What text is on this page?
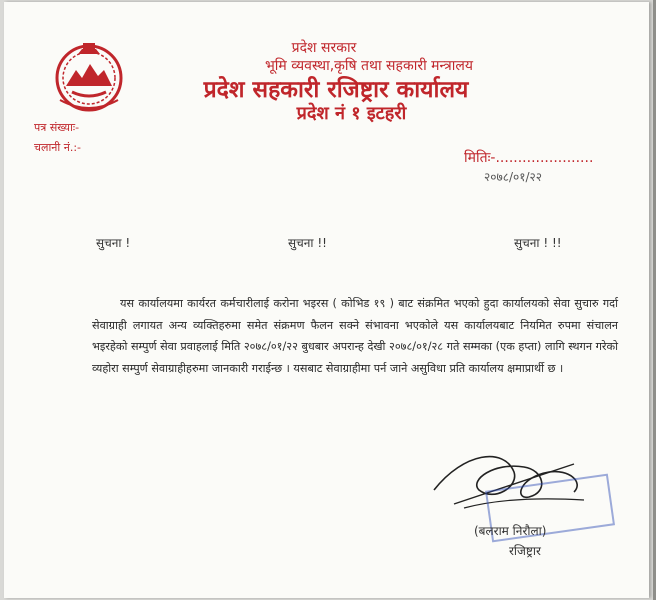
प्रदेश सरकार
भूमि व्यवस्था,कृषि तथा सहकारी मन्त्रालय
प्रदेश सहकारी रजिष्ट्रार कार्यालय
प्रदेश नं १ इटहरी
पत्र संख्याः-
चलानी नं.:-
मितिः-......................
२०७८/०१/२२
सुचना !	सुचना !!	सुचना ! !!
यस कार्यालयमा कार्यरत कर्मचारीलाई करोना भइरस ( कोभिड १९ ) बाट संक्रमित भएको हुदा कार्यालयको सेवा सुचारु गर्दा सेवाग्राही लगायत अन्य व्यक्तिहरुमा समेत संक्रमण फैलन सक्ने संभावना भएकोले यस कार्यालयबाट नियमित रुपमा संचालन भइरहेको सम्पुर्ण सेवा प्रवाहलाई मिति २०७८/०१/२२ बुधबार अपरान्ह देखी २०७८/०१/२८ गते सम्मका (एक हप्ता) लागि स्थगन गरेको व्यहोरा सम्पुर्ण सेवाग्राहीहरुमा जानकारी गराईन्छ । यसबाट सेवाग्राहीमा पर्न जाने असुविधा प्रति कार्यालय क्षमाप्रार्थी छ ।
(बलराम निरौला)
रजिष्ट्रार
